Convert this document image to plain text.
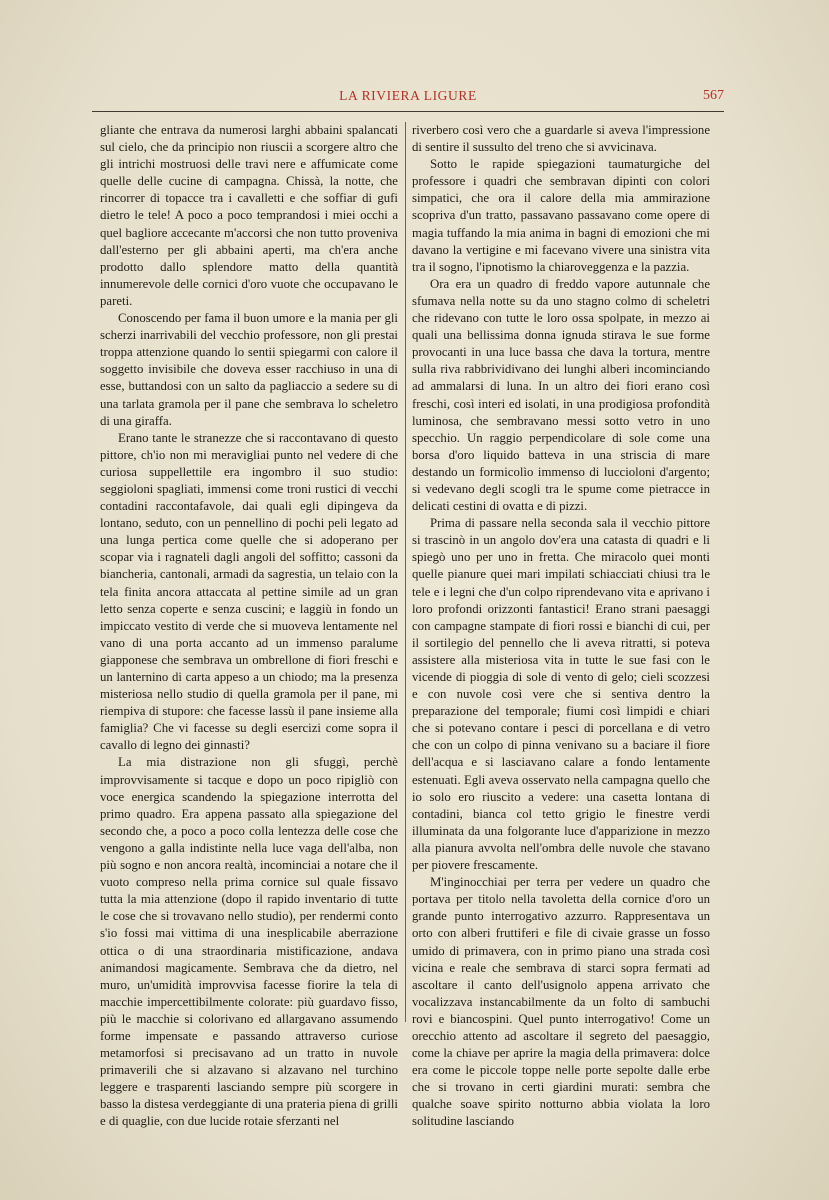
LA RIVIERA LIGURE	567

gliante che entrava da numerosi larghi abbaini spalancati sul cielo, che da principio non riuscii a scorgere altro che gli intrichi mostruosi delle travi nere e affumicate come quelle delle cucine di campagna. Chissà, la notte, che rincorrer di topacce tra i cavalletti e che soffiar di gufi dietro le tele! A poco a poco temprandosi i miei occhi a quel bagliore accecante m'accorsi che non tutto proveniva dall'esterno per gli abbaini aperti, ma ch'era anche prodotto dallo splendore matto della quantità innumerevole delle cornici d'oro vuote che occupavano le pareti.

Conoscendo per fama il buon umore e la mania per gli scherzi inarrivabili del vecchio professore, non gli prestai troppa attenzione quando lo sentii spiegarmi con calore il soggetto invisibile che doveva esser racchiuso in una di esse, buttandosi con un salto da pagliaccio a sedere su di una tarlata gramola per il pane che sembrava lo scheletro di una giraffa.

Erano tante le stranezze che si raccontavano di questo pittore, ch'io non mi meravigliai punto nel vedere di che curiosa suppellettile era ingombro il suo studio: seggioloni spagliati, immensi come troni rustici di vecchi contadini raccontafavole, dai quali egli dipingeva da lontano, seduto, con un pennellino di pochi peli legato ad una lunga pertica come quelle che si adoperano per scopar via i ragnateli dagli angoli del soffitto; cassoni da biancheria, cantonali, armadi da sagrestia, un telaio con la tela finita ancora attaccata al pettine simile ad un gran letto senza coperte e senza cuscini; e laggiù in fondo un impiccato vestito di verde che si muoveva lentamente nel vano di una porta accanto ad un immenso paralume giapponese che sembrava un ombrellone di fiori freschi e un lanternino di carta appeso a un chiodo; ma la presenza misteriosa nello studio di quella gramola per il pane, mi riempiva di stupore: che facesse lassù il pane insieme alla famiglia? Che vi facesse su degli esercizi come sopra il cavallo di legno dei ginnasti?

La mia distrazione non gli sfuggì, perchè improvvisamente si tacque e dopo un poco ripigliò con voce energica scandendo la spiegazione interrotta del primo quadro. Era appena passato alla spiegazione del secondo che, a poco a poco colla lentezza delle cose che vengono a galla indistinte nella luce vaga dell'alba, non più sogno e non ancora realtà, incominciai a notare che il vuoto compreso nella prima cornice sul quale fissavo tutta la mia attenzione (dopo il rapido inventario di tutte le cose che si trovavano nello studio), per rendermi conto s'io fossi mai vittima di una inesplicabile aberrazione ottica o di una straordinaria mistificazione, andava animandosi magicamente. Sembrava che da dietro, nel muro, un'umidità improvvisa facesse fiorire la tela di macchie impercettibilmente colorate: più guardavo fisso, più le macchie si colorivano ed allargavano assumendo forme impensate e passando attraverso curiose metamorfosi si precisavano ad un tratto in nuvole primaverili che si alzavano si alzavano nel turchino leggere e trasparenti lasciando sempre più scorgere in basso la distesa verdeggiante di una prateria piena di grilli e di quaglie, con due lucide rotaie sferzanti nel

riverbero così vero che a guardarle si aveva l'impressione di sentire il sussulto del treno che si avvicinava.

Sotto le rapide spiegazioni taumaturgiche del professore i quadri che sembravan dipinti con colori simpatici, che ora il calore della mia ammirazione scopriva d'un tratto, passavano passavano come opere di magia tuffando la mia anima in bagni di emozioni che mi davano la vertigine e mi facevano vivere una sinistra vita tra il sogno, l'ipnotismo la chiaroveggenza e la pazzia.

Ora era un quadro di freddo vapore autunnale che sfumava nella notte su da uno stagno colmo di scheletri che ridevano con tutte le loro ossa spolpate, in mezzo ai quali una bellissima donna ignuda stirava le sue forme provocanti in una luce bassa che dava la tortura, mentre sulla riva rabbrividivano dei lunghi alberi incominciando ad ammalarsi di luna. In un altro dei fiori erano così freschi, così interi ed isolati, in una prodigiosa profondità luminosa, che sembravano messi sotto vetro in uno specchio. Un raggio perpendicolare di sole come una borsa d'oro liquido batteva in una striscia di mare destando un formicolìo immenso di luccioloni d'argento; si vedevano degli scogli tra le spume come pietracce in delicati cestini di ovatta e di pizzi.

Prima di passare nella seconda sala il vecchio pittore si trascinò in un angolo dov'era una catasta di quadri e li spiegò uno per uno in fretta. Che miracolo quei monti quelle pianure quei mari impilati schiacciati chiusi tra le tele e i legni che d'un colpo riprendevano vita e aprivano i loro profondi orizzonti fantastici! Erano strani paesaggi con campagne stampate di fiori rossi e bianchi di cui, per il sortilegio del pennello che li aveva ritratti, si poteva assistere alla misteriosa vita in tutte le sue fasi con le vicende di pioggia di sole di vento di gelo; cieli scozzesi e con nuvole così vere che si sentiva dentro la preparazione del temporale; fiumi così limpidi e chiari che si potevano contare i pesci di porcellana e di vetro che con un colpo di pinna venivano su a baciare il fiore dell'acqua e si lasciavano calare a fondo lentamente estenuati. Egli aveva osservato nella campagna quello che io solo ero riuscito a vedere: una casetta lontana di contadini, bianca col tetto grigio le finestre verdi illuminata da una folgorante luce d'apparizione in mezzo alla pianura avvolta nell'ombra delle nuvole che stavano per piovere frescamente.

M'inginocchiai per terra per vedere un quadro che portava per titolo nella tavoletta della cornice d'oro un grande punto interrogativo azzurro. Rappresentava un orto con alberi fruttiferi e file di civaie grasse un fosso umido di primavera, con in primo piano una strada così vicina e reale che sembrava di starci sopra fermati ad ascoltare il canto dell'usignolo appena arrivato che vocalizzava instancabilmente da un folto di sambuchi rovi e biancospini. Quel punto interrogativo! Come un orecchio attento ad ascoltare il segreto del paesaggio, come la chiave per aprire la magia della primavera: dolce era come le piccole toppe nelle porte sepolte dalle erbe che si trovano in certi giardini murati: sembra che qualche soave spirito notturno abbia violata la loro solitudine lasciando
